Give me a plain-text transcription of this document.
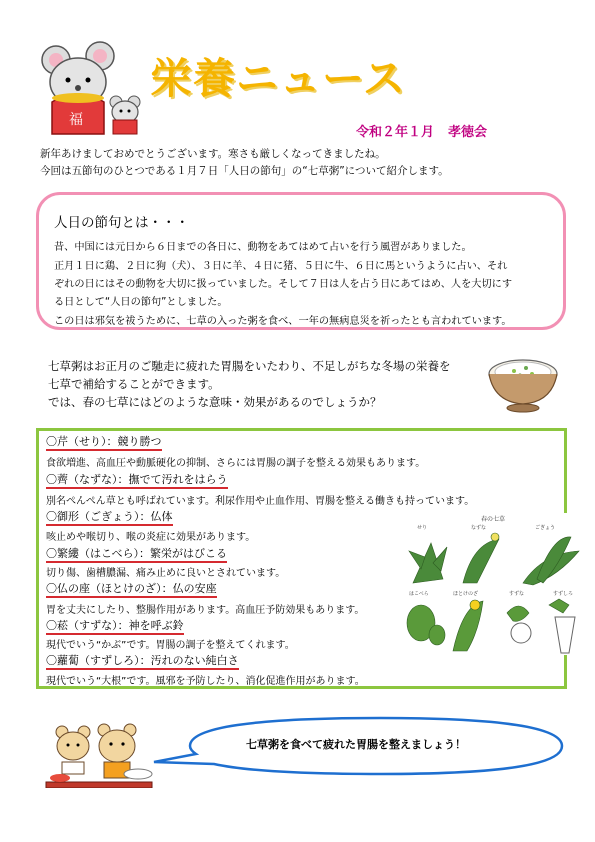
福
栄養ニュース
令和２年１月 孝徳会
新年あけましておめでとうございます。寒さも厳しくなってきましたね。
今回は五節句のひとつである１月７日「人日の節句」の“七草粥”について紹介します。
人日の節句とは・・・
昔、中国には元日から６日までの各日に、動物をあてはめて占いを行う風習がありました。
正月１日に鶏、２日に狗（犬）、３日に羊、４日に猪、５日に牛、６日に馬というように占い、それ
ぞれの日にはその動物を大切に扱っていました。そして７日は人を占う日にあてはめ、人を大切にす
る日として“人日の節句”としました。
この日は邪気を祓うために、七草の入った粥を食べ、一年の無病息災を祈ったとも言われています。
七草粥はお正月のご馳走に疲れた胃腸をいたわり、不足しがちな冬場の栄養を
七草で補給することができます。
では、春の七草にはどのような意味・効果があるのでしょうか？
〇芹（せり）：競り勝つ
食欲増進、高血圧や動脈硬化の抑制、さらには胃腸の調子を整える効果もあります。
〇薺（なずな）：撫でて汚れをはらう
別名ぺんぺん草とも呼ばれています。利尿作用や止血作用、胃腸を整える働きも持っています。
〇御形（ごぎょう）：仏体
咳止めや喉切り、喉の炎症に効果があります。
〇繁縷（はこべら）：繁栄がはびこる
切り傷、歯槽膿漏、痛み止めに良いとされています。
〇仏の座（ほとけのざ）：仏の安座
胃を丈夫にしたり、整腸作用があります。高血圧予防効果もあります。
〇菘（すずな）：神を呼ぶ鈴
現代でいう“かぶ”です。胃腸の調子を整えてくれます。
〇蘿蔔（すずしろ）：汚れのない純白さ
現代でいう“大根”です。風邪を予防したり、消化促進作用があります。
春の七草
せり	なずな	ごぎょう
はこべら	ほとけのざ	すずな	すずしろ
七草粥を食べて疲れた胃腸を整えましょう！
